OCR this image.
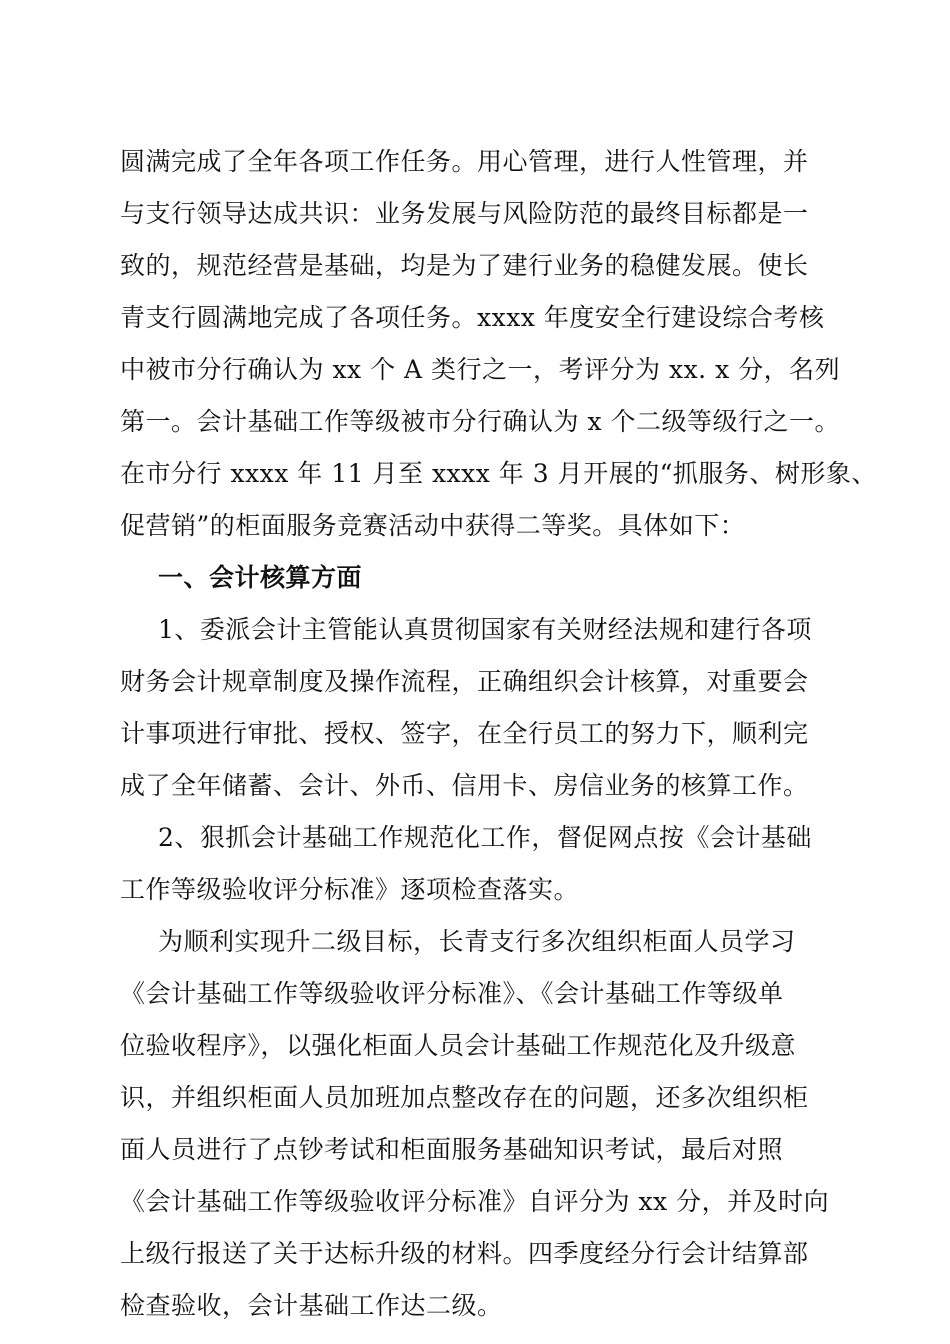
圆满完成了全年各项工作任务。用心管理，进行人性管理，并
与支行领导达成共识：业务发展与风险防范的最终目标都是一
致的，规范经营是基础，均是为了建行业务的稳健发展。使长
青支行圆满地完成了各项任务。xxxx 年度安全行建设综合考核
中被市分行确认为 xx 个 A 类行之一，考评分为 xx. x 分，名列
第一。会计基础工作等级被市分行确认为 x 个二级等级行之一。
在市分行 xxxx 年 11 月至 xxxx 年 3 月开展的“抓服务、树形象、
促营销”的柜面服务竞赛活动中获得二等奖。具体如下：
一、会计核算方面
1、委派会计主管能认真贯彻国家有关财经法规和建行各项
财务会计规章制度及操作流程，正确组织会计核算，对重要会
计事项进行审批、授权、签字，在全行员工的努力下，顺利完
成了全年储蓄、会计、外币、信用卡、房信业务的核算工作。
2、狠抓会计基础工作规范化工作，督促网点按《会计基础
工作等级验收评分标准》逐项检查落实。
为顺利实现升二级目标，长青支行多次组织柜面人员学习
《会计基础工作等级验收评分标准》、《会计基础工作等级单
位验收程序》，以强化柜面人员会计基础工作规范化及升级意
识，并组织柜面人员加班加点整改存在的问题，还多次组织柜
面人员进行了点钞考试和柜面服务基础知识考试，最后对照
《会计基础工作等级验收评分标准》自评分为 xx 分，并及时向
上级行报送了关于达标升级的材料。四季度经分行会计结算部
检查验收，会计基础工作达二级。
